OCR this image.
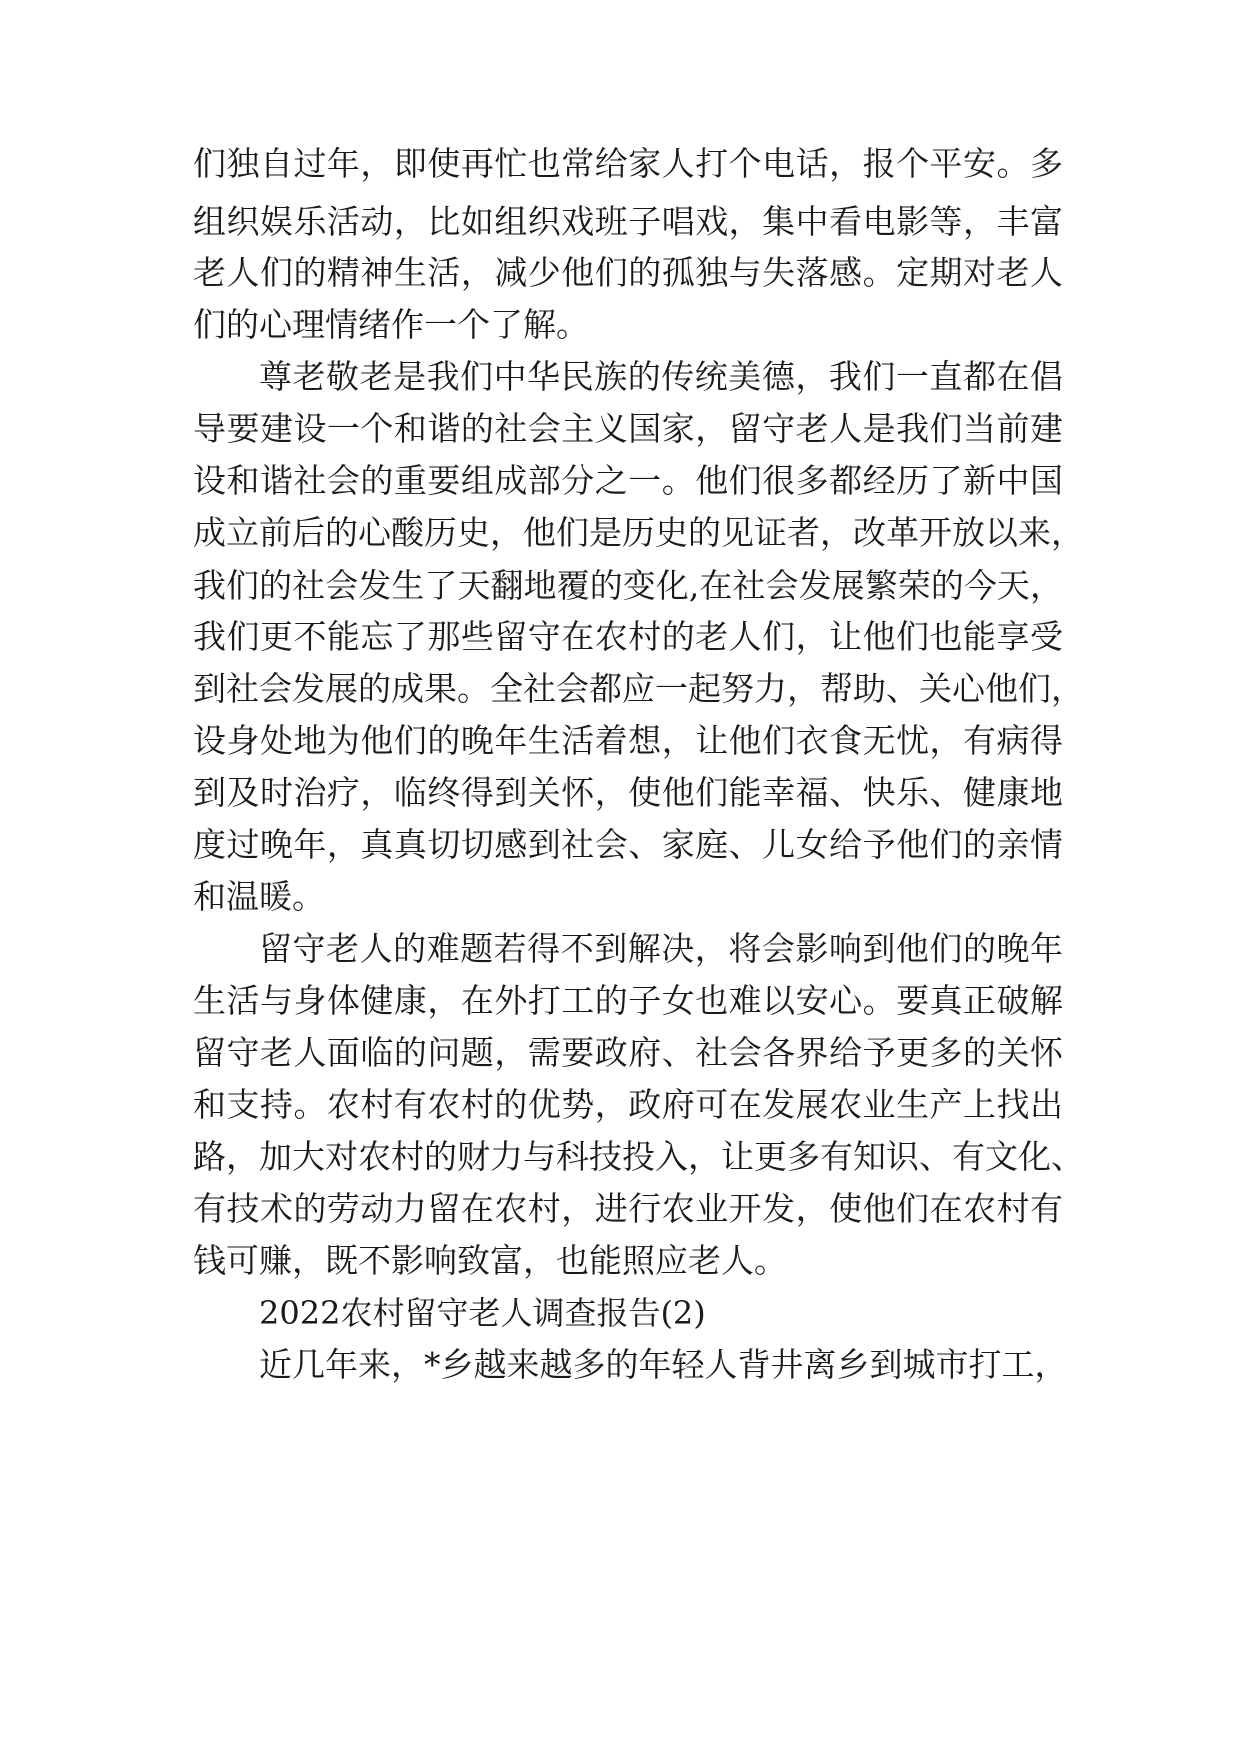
们独自过年，即使再忙也常给家人打个电话，报个平安。多
组织娱乐活动，比如组织戏班子唱戏，集中看电影等，丰富
老人们的精神生活，减少他们的孤独与失落感。定期对老人
们的心理情绪作一个了解。
尊老敬老是我们中华民族的传统美德，我们一直都在倡
导要建设一个和谐的社会主义国家，留守老人是我们当前建
设和谐社会的重要组成部分之一。他们很多都经历了新中国
成立前后的心酸历史，他们是历史的见证者，改革开放以来，
我们的社会发生了天翻地覆的变化,在社会发展繁荣的今天，
我们更不能忘了那些留守在农村的老人们，让他们也能享受
到社会发展的成果。全社会都应一起努力，帮助、关心他们，
设身处地为他们的晚年生活着想，让他们衣食无忧，有病得
到及时治疗，临终得到关怀，使他们能幸福、快乐、健康地
度过晚年，真真切切感到社会、家庭、儿女给予他们的亲情
和温暖。
留守老人的难题若得不到解决，将会影响到他们的晚年
生活与身体健康，在外打工的子女也难以安心。要真正破解
留守老人面临的问题，需要政府、社会各界给予更多的关怀
和支持。农村有农村的优势，政府可在发展农业生产上找出
路，加大对农村的财力与科技投入，让更多有知识、有文化、
有技术的劳动力留在农村，进行农业开发，使他们在农村有
钱可赚，既不影响致富，也能照应老人。
2022农村留守老人调查报告(2)
近几年来，*乡越来越多的年轻人背井离乡到城市打工，
